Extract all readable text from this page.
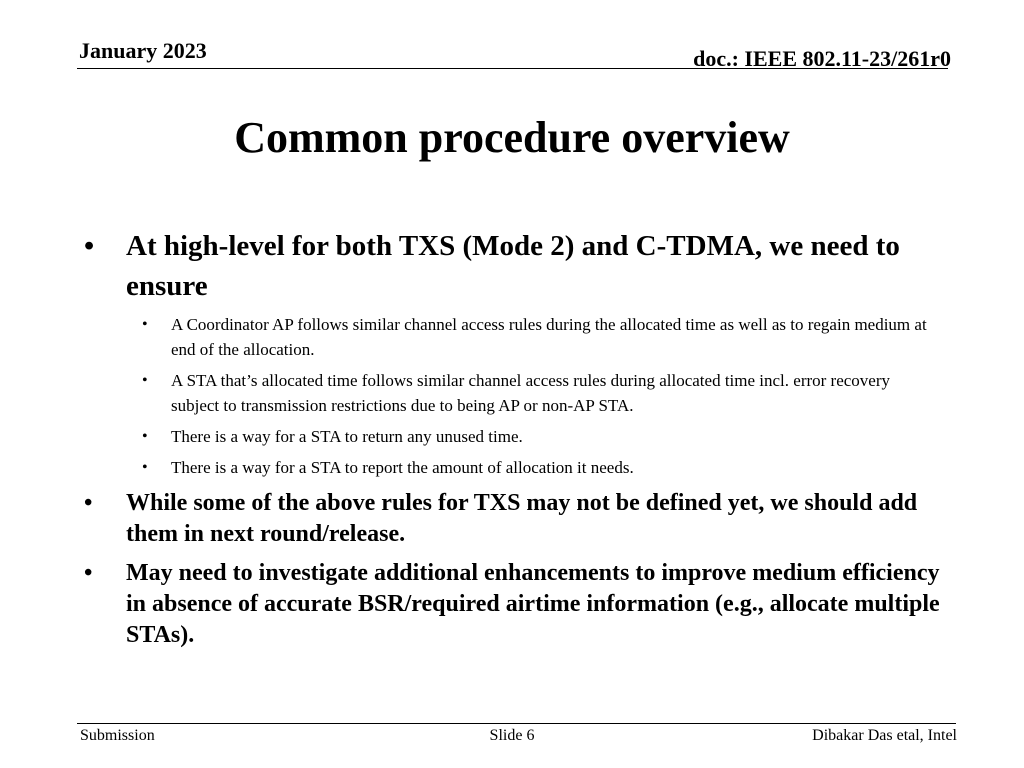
January 2023	doc.: IEEE 802.11-23/261r0
Common procedure overview
• At high-level for both TXS (Mode 2) and C-TDMA, we need to ensure
• A Coordinator AP follows similar channel access rules during the allocated time as well as to regain medium at end of the allocation.
• A STA that’s allocated time follows similar channel access rules during allocated time incl. error recovery subject to transmission restrictions due to being AP or non-AP STA.
• There is a way for a STA to return any unused time.
• There is a way for a STA to report the amount of allocation it needs.
• While some of the above rules for TXS may not be defined yet, we should add them in next round/release.
• May need to investigate additional enhancements to improve medium efficiency in absence of accurate BSR/required airtime information (e.g., allocate multiple STAs).
Submission	Slide 6	Dibakar Das etal, Intel
